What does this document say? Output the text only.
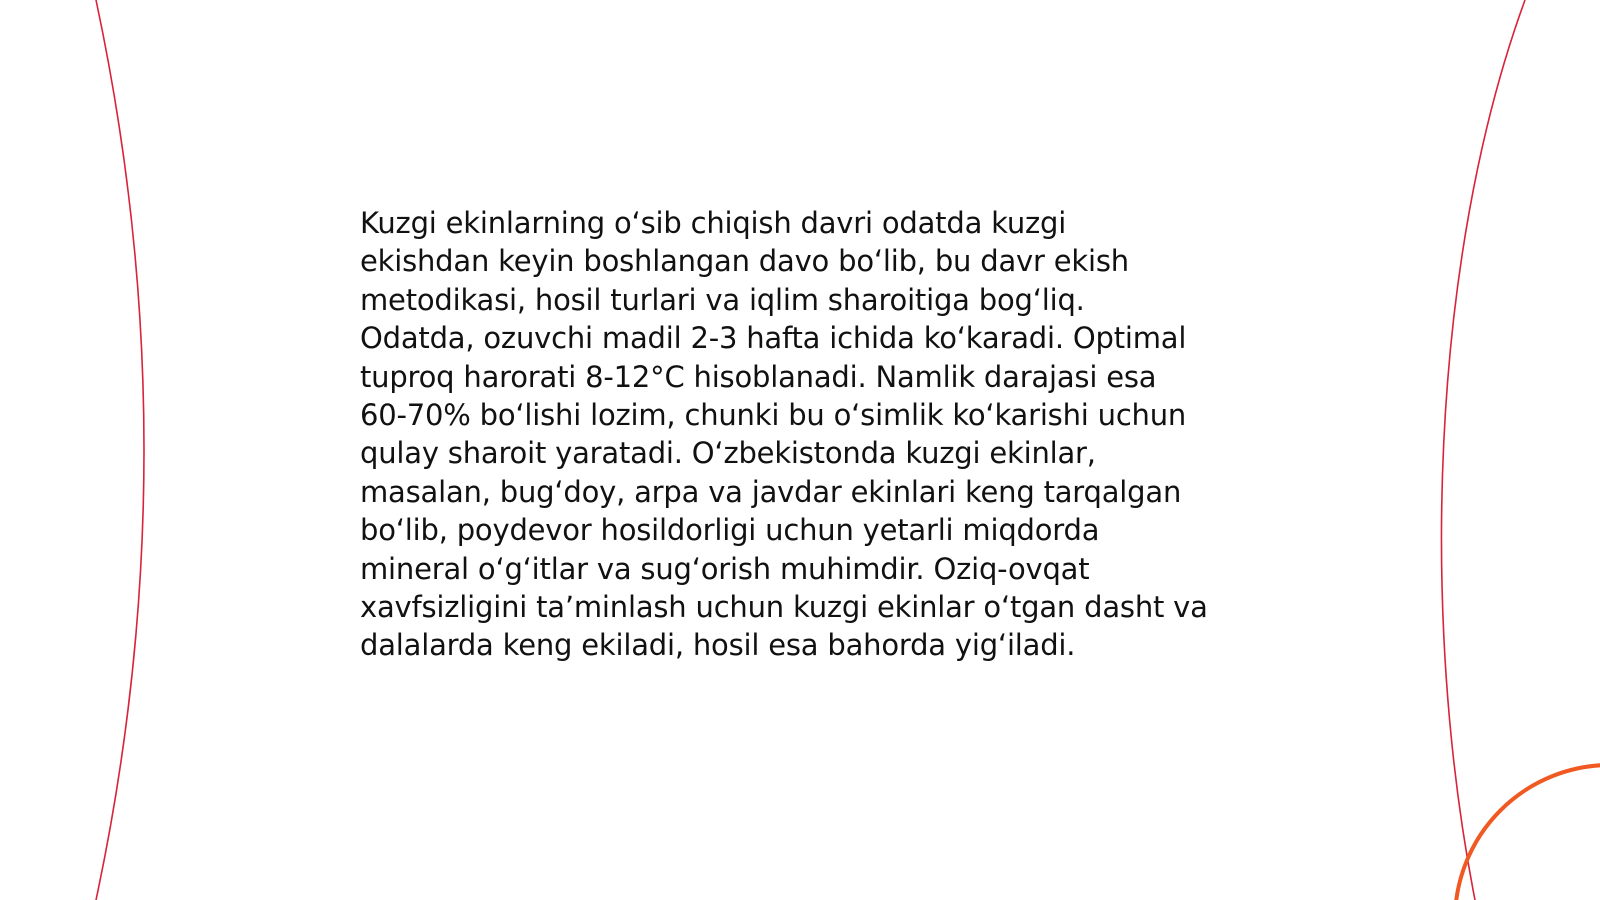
Kuzgi ekinlarning oʻsib chiqish davri odatda kuzgi
ekishdan keyin boshlangan davo boʻlib, bu davr ekish
metodikasi, hosil turlari va iqlim sharoitiga bogʻliq.
Odatda, ozuvchi madil 2-3 hafta ichida koʻkaradi. Optimal
tuproq harorati 8-12°C hisoblanadi. Namlik darajasi esa
60-70% boʻlishi lozim, chunki bu oʻsimlik koʻkarishi uchun
qulay sharoit yaratadi. Oʻzbekistonda kuzgi ekinlar,
masalan, bugʻdoy, arpa va javdar ekinlari keng tarqalgan
boʻlib, poydevor hosildorligi uchun yetarli miqdorda
mineral oʻgʻitlar va sugʻorish muhimdir. Oziq-ovqat
xavfsizligini taʼminlash uchun kuzgi ekinlar oʻtgan dasht va
dalalarda keng ekiladi, hosil esa bahorda yigʻiladi.
